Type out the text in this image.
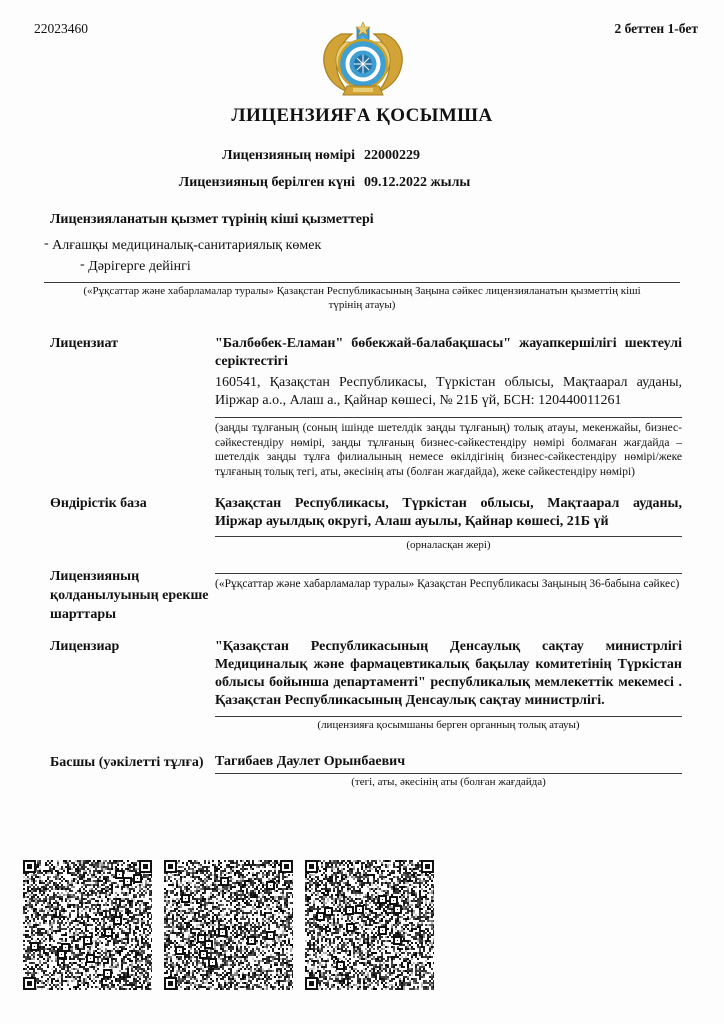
22023460	2 беттен 1-бет
ЛИЦЕНЗИЯҒА ҚОСЫМША
Лицензияның нөмірі 22000229
Лицензияның берілген күні 09.12.2022 жылы
Лицензияланатын қызмет түрінің кіші қызметтері
- Алғашқы медициналық-санитариялық көмек
- Дәрігерге дейінгі
(«Рұқсаттар және хабарламалар туралы» Қазақстан Республикасының Заңына сәйкес лицензияланатын қызметтің кіші түрінің атауы)
Лицензиат	"Балбөбек-Еламан" бөбекжай-балабақшасы" жауапкершілігі шектеулі серіктестігі
160541, Қазақстан Республикасы, Түркістан облысы, Мақтаарал ауданы, Иіржар а.о., Алаш а., Қайнар көшесі, № 21Б үй, БСН: 120440011261
(заңды тұлғаның (соның ішінде шетелдік заңды тұлғаның) толық атауы, мекенжайы, бизнес-сәйкестендіру нөмірі, заңды тұлғаның бизнес-сәйкестендіру нөмірі болмаған жағдайда – шетелдік заңды тұлға филиалының немесе өкілдігінің бизнес-сәйкестендіру нөмірі/жеке тұлғаның толық тегі, аты, әкесінің аты (болған жағдайда), жеке сәйкестендіру нөмірі)
Өндірістік база	Қазақстан Республикасы, Түркістан облысы, Мақтаарал ауданы, Иіржар ауылдық округі, Алаш ауылы, Қайнар көшесі, 21Б үй
(орналасқан жері)
Лицензияның қолданылуының ерекше шарттары
(«Рұқсаттар және хабарламалар туралы» Қазақстан Республикасы Заңының 36-бабына сәйкес)
Лицензиар	"Қазақстан Республикасының Денсаулық сақтау министрлігі Медициналық және фармацевтикалық бақылау комитетінің Түркістан облысы бойынша департаменті" республикалық мемлекеттік мекемесі . Қазақстан Республикасының Денсаулық сақтау министрлігі.
(лицензияға қосымшаны берген органның толық атауы)
Басшы (уәкілетті тұлға) Тагибаев Даулет Орынбаевич
(тегі, аты, әкесінің аты (болған жағдайда)
